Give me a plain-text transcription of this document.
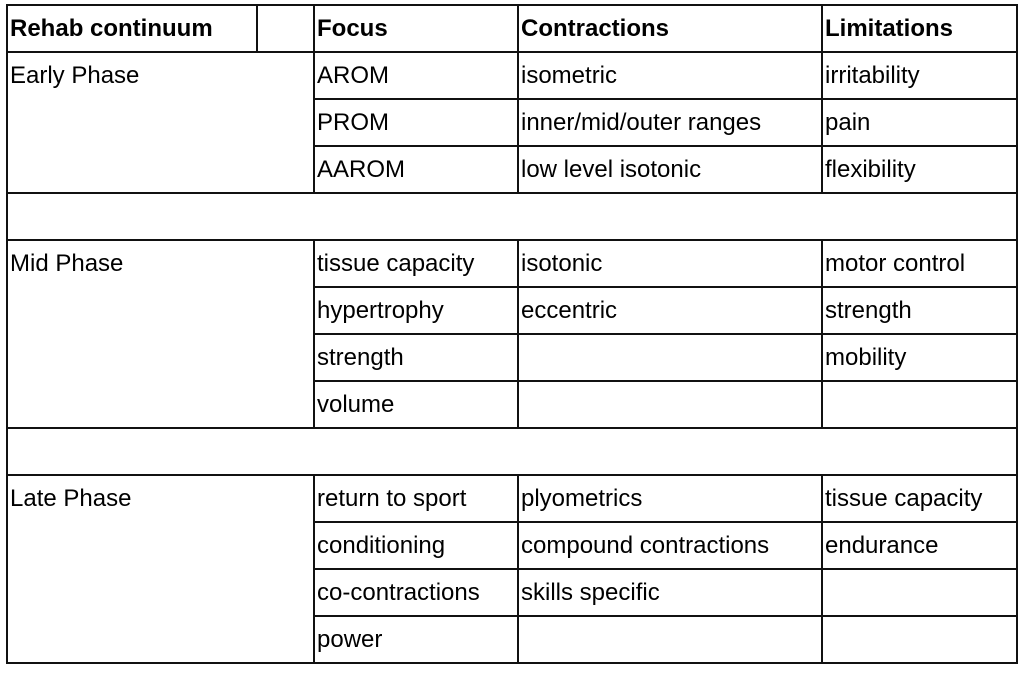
Rehab continuum		Focus	Contractions	Limitations
Early Phase		AROM	isometric	irritability
		PROM	inner/mid/outer ranges	pain
		AAROM	low level isotonic	flexibility

Mid Phase		tissue capacity	isotonic	motor control
		hypertrophy	eccentric	strength
		strength		mobility
		volume		

Late Phase		return to sport	plyometrics	tissue capacity
		conditioning	compound contractions	endurance
		co-contractions	skills specific	
		power		
